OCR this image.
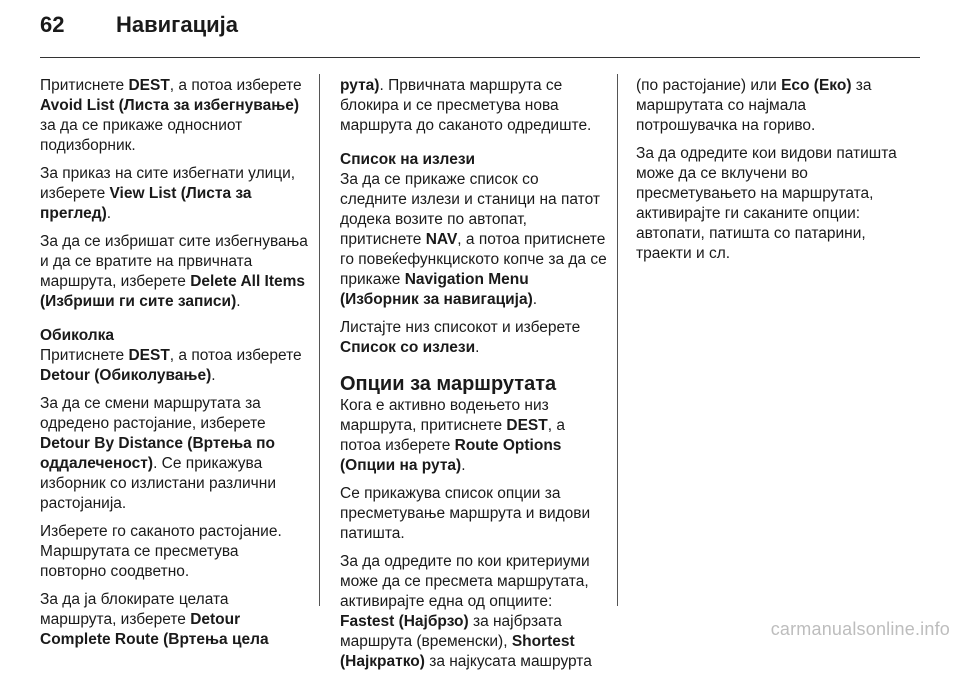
62	Навигација

Притиснете DEST, а потоа изберете Avoid List (Листа за избегнување) за да се прикаже односниот подизборник.

За приказ на сите избегнати улици, изберете View List (Листа за преглед).

За да се избришат сите избегнувања и да се вратите на првичната маршрута, изберете Delete All Items (Избриши ги сите записи).

Обиколка

Притиснете DEST, а потоа изберете Detour (Обиколување).

За да се смени маршрутата за одредено растојание, изберете Detour By Distance (Вртења по оддалеченост). Се прикажува изборник со излистани различни растојанија.

Изберете го саканото растојание. Маршрутата се пресметува повторно соодветно.

За да ја блокирате целата маршрута, изберете Detour Complete Route (Вртења цела

рута). Првичната маршрута се блокира и се пресметува нова маршрута до саканото одредиште.

Список на излези

За да се прикаже список со следните излези и станици на патот додека возите по автопат, притиснете NAV, а потоа притиснете го повеќефункциското копче за да се прикаже Navigation Menu (Изборник за навигација).

Листајте низ списокот и изберете Список со излези.

Опции за маршрутата

Кога е активно водењето низ маршрута, притиснете DEST, а потоа изберете Route Options (Опции на рута).

Се прикажува список опции за пресметување маршрута и видови патишта.

За да одредите по кои критериуми може да се пресмета маршрутата, активирајте една од опциите: Fastest (Најбрзо) за најбрзата маршрута (временски), Shortest (Најкратко) за најкусата машрурта

(по растојание) или Eco (Еко) за маршрутата со најмала потрошувачка на гориво.

За да одредите кои видови патишта може да се вклучени во пресметувањето на маршрутата, активирајте ги саканите опции: автопати, патишта со патарини, траекти и сл.

carmanualsonline.info
